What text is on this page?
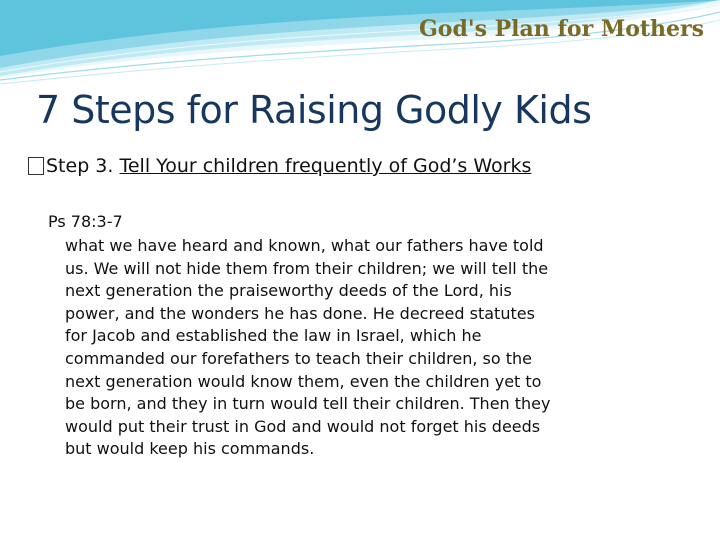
God's Plan for Mothers
7 Steps for Raising Godly Kids
Step 3. Tell Your children frequently of God’s Works
Ps 78:3-7
what we have heard and known, what our fathers have told
us. We will not hide them from their children; we will tell the
next generation the praiseworthy deeds of the Lord, his
power, and the wonders he has done. He decreed statutes
for Jacob and established the law in Israel, which he
commanded our forefathers to teach their children, so the
next generation would know them, even the children yet to
be born, and they in turn would tell their children. Then they
would put their trust in God and would not forget his deeds
but would keep his commands.
